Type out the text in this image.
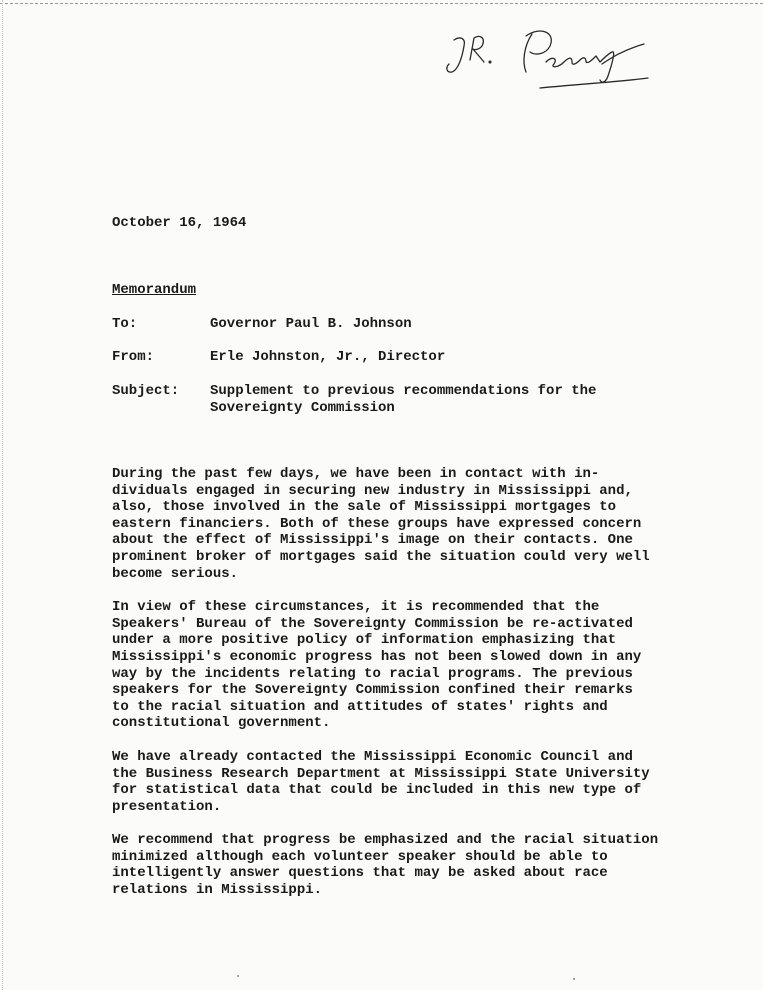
October 16, 1964
Memorandum
To:	Governor Paul B. Johnson
From:	Erle Johnston, Jr., Director
Subject:	Supplement to previous recommendations for the
Sovereignty Commission

During the past few days, we have been in contact with in-
dividuals engaged in securing new industry in Mississippi and,
also, those involved in the sale of Mississippi mortgages to
eastern financiers. Both of these groups have expressed concern
about the effect of Mississippi's image on their contacts. One
prominent broker of mortgages said the situation could very well
become serious.

In view of these circumstances, it is recommended that the
Speakers' Bureau of the Sovereignty Commission be re-activated
under a more positive policy of information emphasizing that
Mississippi's economic progress has not been slowed down in any
way by the incidents relating to racial programs. The previous
speakers for the Sovereignty Commission confined their remarks
to the racial situation and attitudes of states' rights and
constitutional government.

We have already contacted the Mississippi Economic Council and
the Business Research Department at Mississippi State University
for statistical data that could be included in this new type of
presentation.

We recommend that progress be emphasized and the racial situation
minimized although each volunteer speaker should be able to
intelligently answer questions that may be asked about race
relations in Mississippi.
